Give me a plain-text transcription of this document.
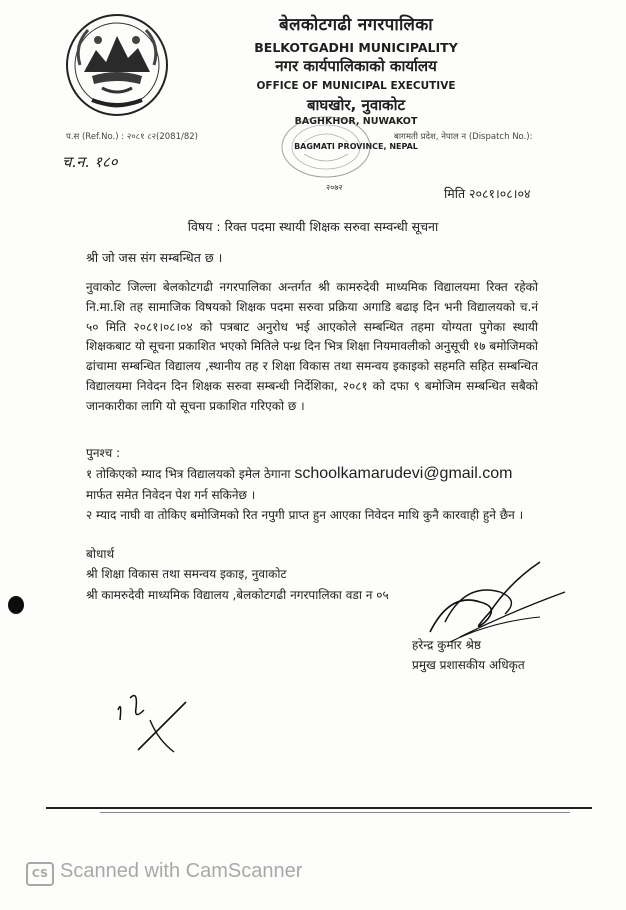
बेलकोटगढी नगरपालिका
BELKOTGADHI MUNICIPALITY
नगर कार्यपालिकाको कार्यालय
OFFICE OF MUNICIPAL EXECUTIVE
बाघखोर, नुवाकोट
BAGHKHOR, NUWAKOT
BAGMATI PROVINCE, NEPAL
प.स (Ref.No.) : २०८१ ८२(2081/82)	बागमती प्रदेश, नेपाल न (Dispatch No.):
च.न. १८०
२०७२	मिति २०८१।०८।०४
विषय : रिक्त पदमा स्थायी शिक्षक सरुवा सम्वन्धी सूचना
श्री जो जस संग सम्बन्धित छ ।
नुवाकोट जिल्ला बेलकोटगढी नगरपालिका अन्तर्गत श्री कामरुदेवी माध्यमिक विद्यालयमा रिक्त रहेको नि.मा.शि तह सामाजिक विषयको शिक्षक पदमा सरुवा प्रक्रिया अगाडि बढाइ दिन भनी विद्यालयको च.नं ५० मिति २०८१।०८।०४ को पत्रबाट अनुरोध भई आएकोले सम्बन्धित तहमा योग्यता पुगेका स्थायी शिक्षकबाट यो सूचना प्रकाशित भएको मितिले पन्ध्र दिन भित्र शिक्षा नियमावलीको अनुसूची १७ बमोजिमको ढांचामा सम्बन्धित विद्यालय ,स्थानीय तह र शिक्षा विकास तथा समन्वय इकाइको सहमति सहित सम्बन्धित विद्यालयमा निवेदन दिन शिक्षक सरुवा सम्बन्धी निर्देशिका, २०८१ को दफा ९ बमोजिम सम्बन्धित सबैको जानकारीका लागि यो सूचना प्रकाशित गरिएको छ ।
पुनश्च :
१ तोकिएको म्याद भित्र विद्यालयको इमेल ठेगाना schoolkamarudevi@gmail.com
मार्फत समेत निवेदन पेश गर्न सकिनेछ ।
२ म्याद नाघी वा तोकिए बमोजिमको रित नपुगी प्राप्त हुन आएका निवेदन माथि कुनै कारवाही हुने छैन ।
बोधार्थ
श्री शिक्षा विकास तथा समन्वय इकाइ, नुवाकोट
श्री कामरुदेवी माध्यमिक विद्यालय ,बेलकोटगढी नगरपालिका वडा न ०५
हरेन्द्र कुमार श्रेष्ठ
प्रमुख प्रशासकीय अधिकृत
CS Scanned with CamScanner
